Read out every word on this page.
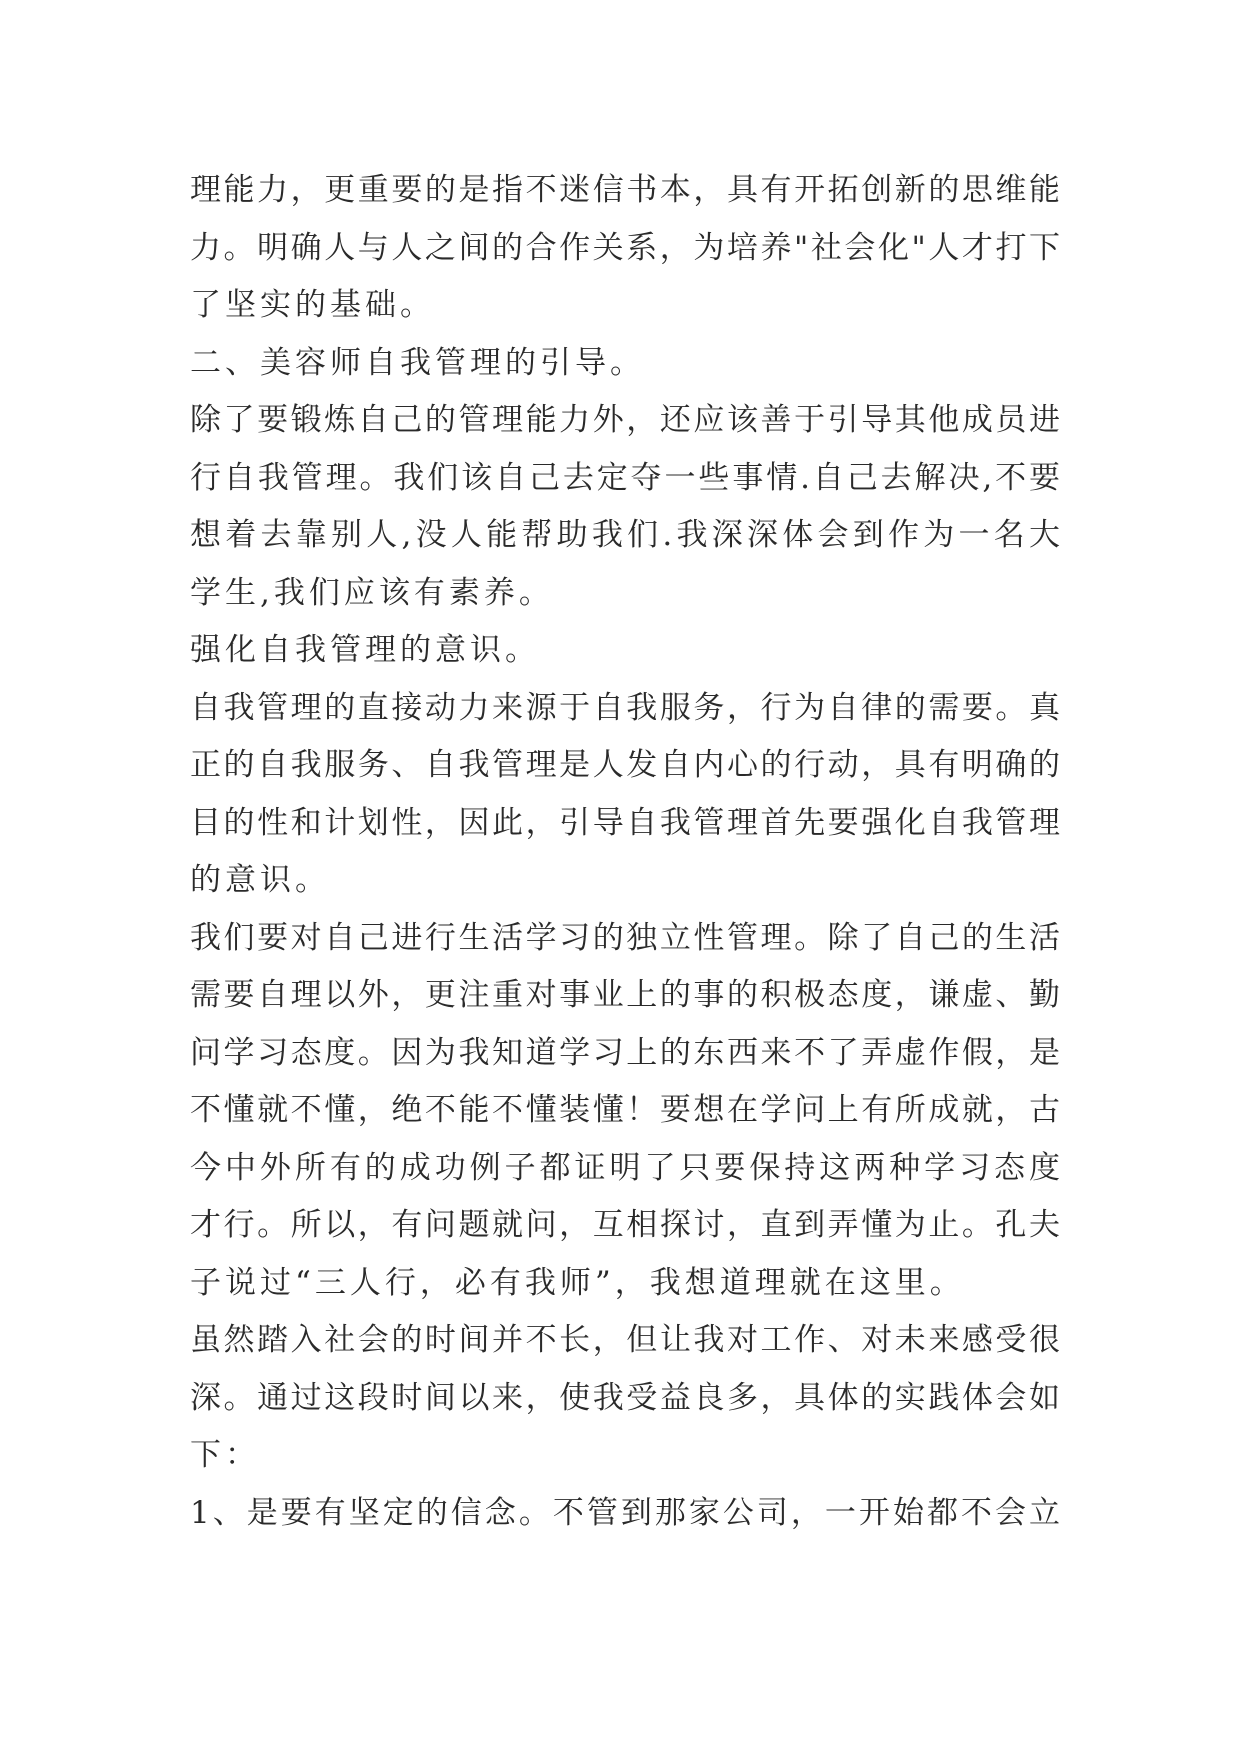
理能力，更重要的是指不迷信书本，具有开拓创新的思维能
力。明确人与人之间的合作关系，为培养"社会化"人才打下
了坚实的基础。
二、美容师自我管理的引导。
除了要锻炼自己的管理能力外，还应该善于引导其他成员进
行自我管理。我们该自己去定夺一些事情.自己去解决,不要
想着去靠别人,没人能帮助我们.我深深体会到作为一名大
学生,我们应该有素养。
强化自我管理的意识。
自我管理的直接动力来源于自我服务，行为自律的需要。真
正的自我服务、自我管理是人发自内心的行动，具有明确的
目的性和计划性，因此，引导自我管理首先要强化自我管理
的意识。
我们要对自己进行生活学习的独立性管理。除了自己的生活
需要自理以外，更注重对事业上的事的积极态度，谦虚、勤
问学习态度。因为我知道学习上的东西来不了弄虚作假，是
不懂就不懂，绝不能不懂装懂！要想在学问上有所成就，古
今中外所有的成功例子都证明了只要保持这两种学习态度
才行。所以，有问题就问，互相探讨，直到弄懂为止。孔夫
子说过“三人行，必有我师”，我想道理就在这里。
虽然踏入社会的时间并不长，但让我对工作、对未来感受很
深。通过这段时间以来，使我受益良多，具体的实践体会如
下：
1、是要有坚定的信念。不管到那家公司，一开始都不会立
